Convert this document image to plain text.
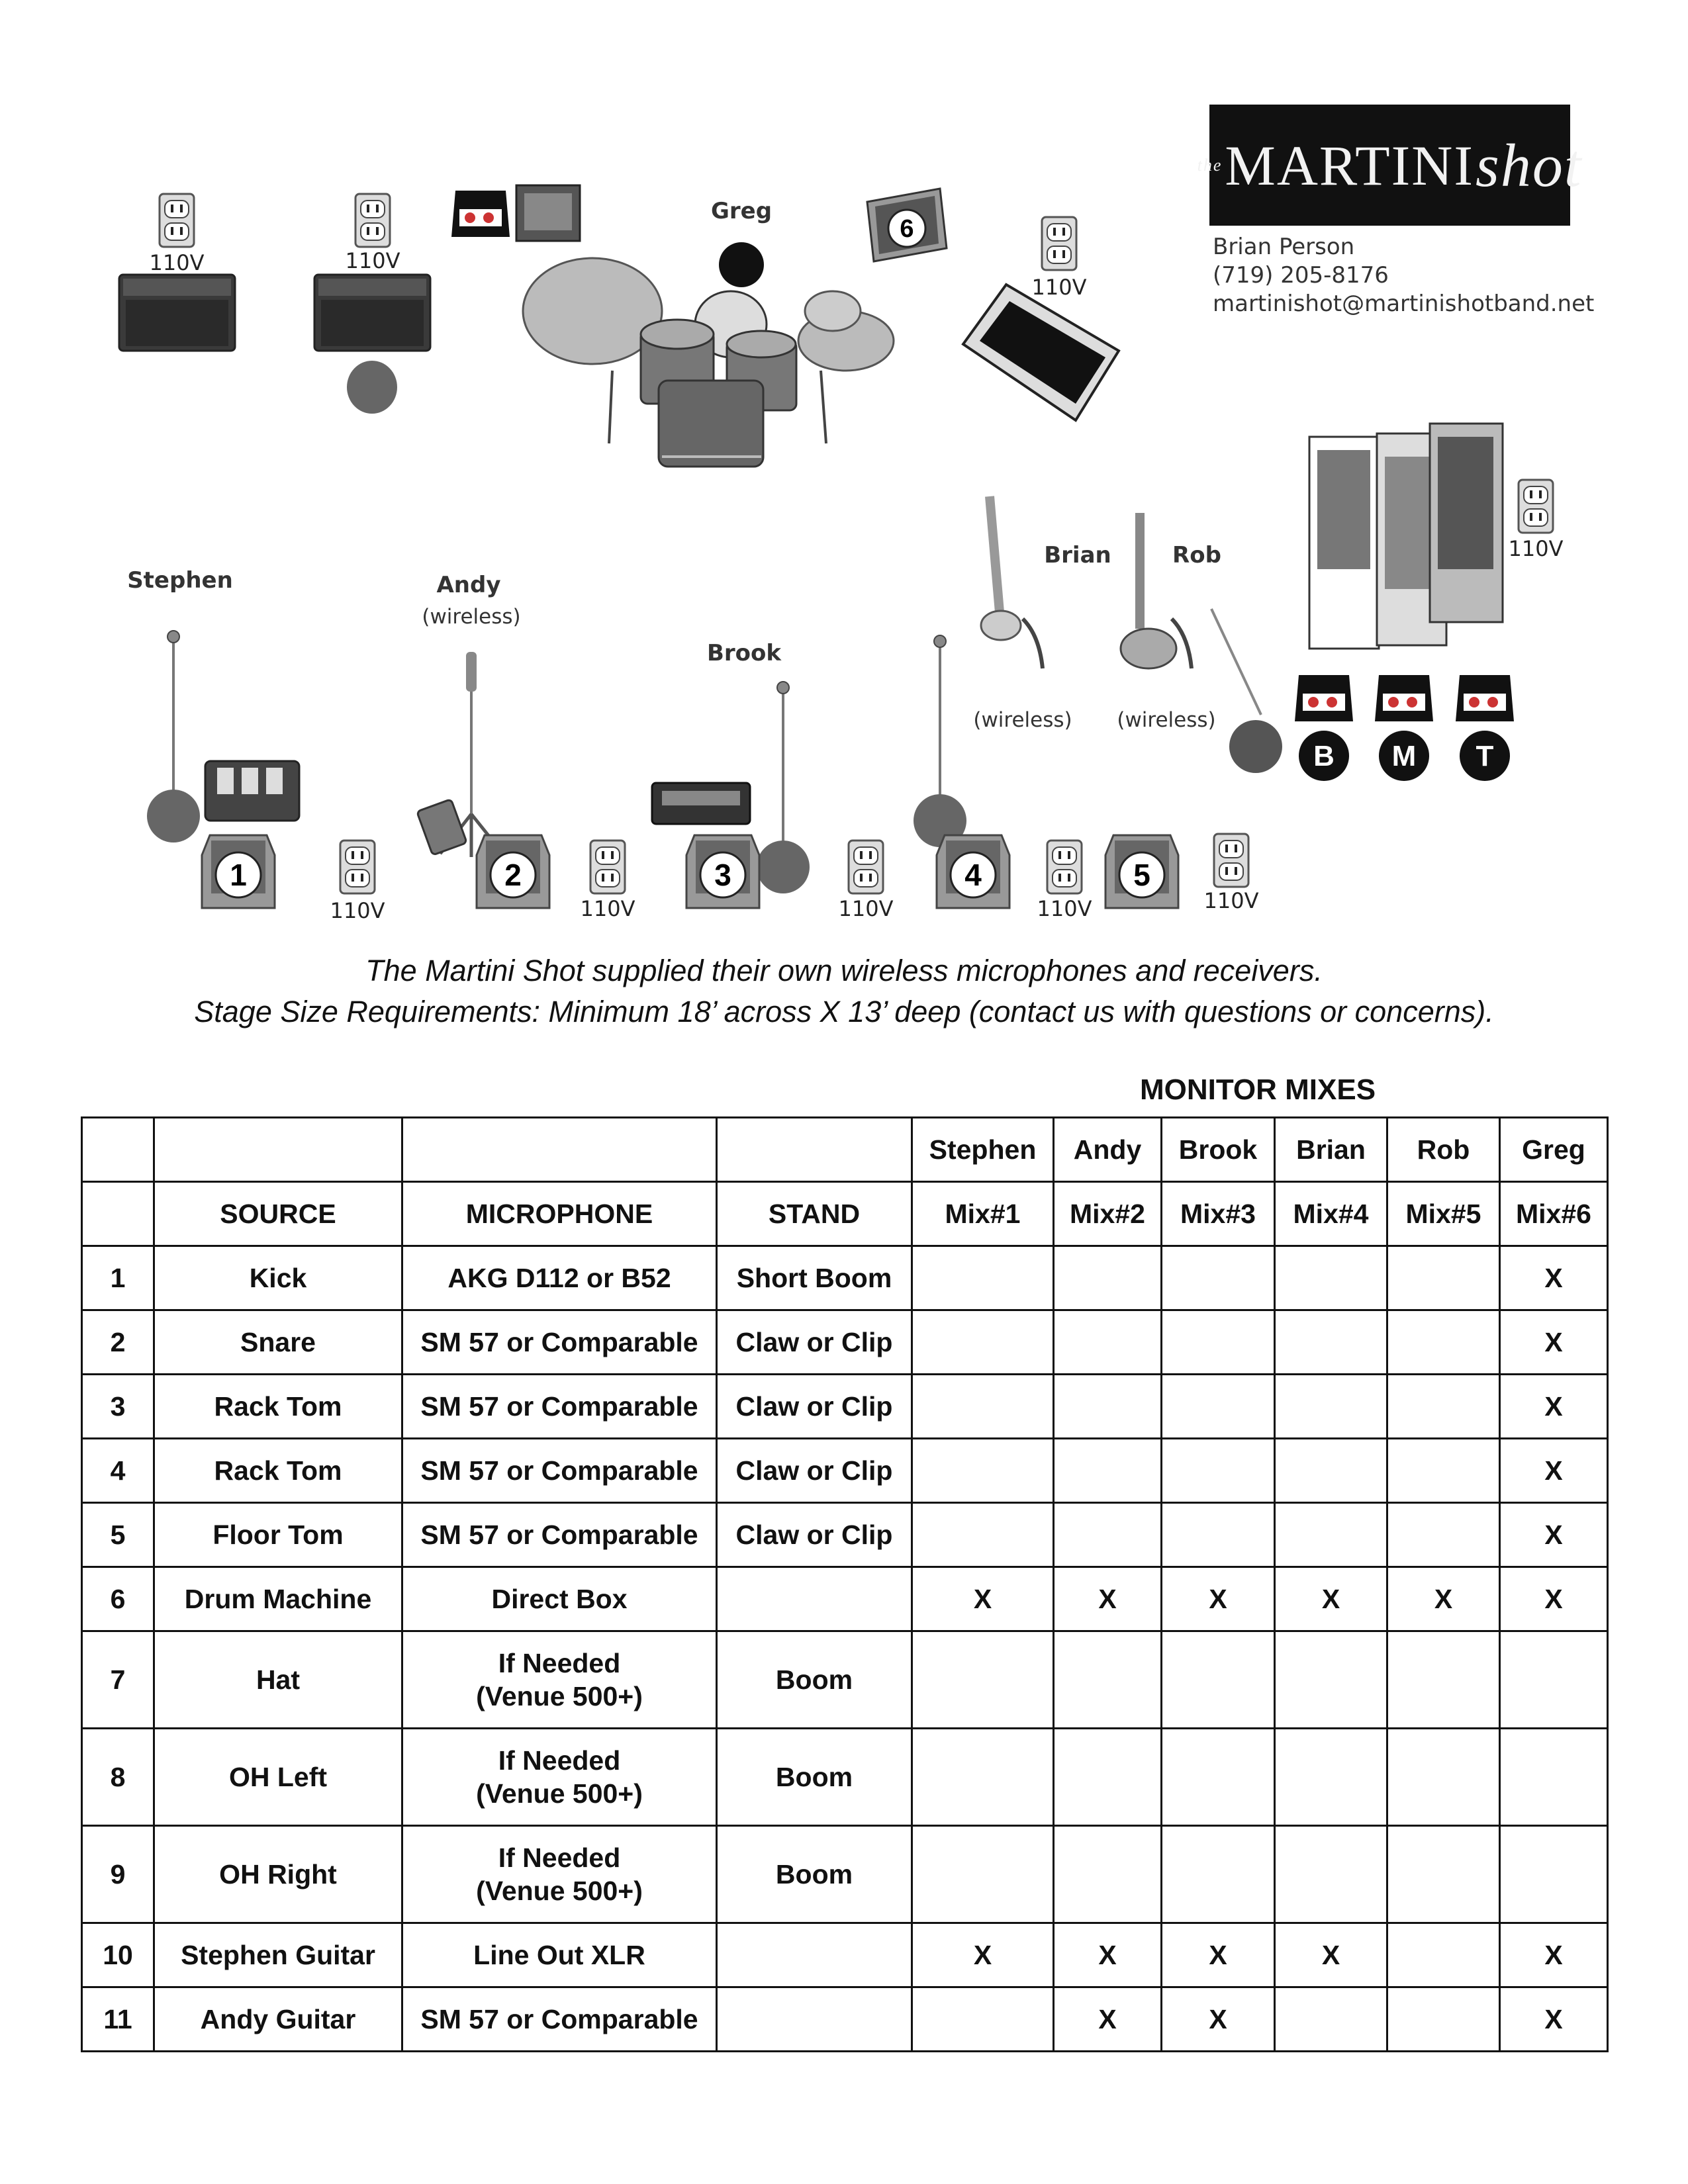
the MARTINI shot
Brian Person
(719) 205-8176
martinishot@martinishotband.net
6
B M T
1	2	3	4	5
110V	110V
110V
110V
110V	110V	110V	110V	110V
Stephen	Andy
Brook
Greg
Brian	Rob
(wireless)
(wireless) (wireless)
The Martini Shot supplied their own wireless microphones and receivers.
Stage Size Requirements: Minimum 18’ across X 13’ deep (contact us with questions or concerns).
MONITOR MIXES
				Stephen	Andy	Brook	Brian	Rob	Greg
	SOURCE	MICROPHONE	STAND	Mix#1	Mix#2	Mix#3	Mix#4	Mix#5	Mix#6
1	Kick	AKG D112 or B52	Short Boom						X
2	Snare	SM 57 or Comparable	Claw or Clip						X
3	Rack Tom	SM 57 or Comparable	Claw or Clip						X
4	Rack Tom	SM 57 or Comparable	Claw or Clip						X
5	Floor Tom	SM 57 or Comparable	Claw or Clip						X
6	Drum Machine	Direct Box		X	X	X	X	X	X
7	Hat	If Needed
(Venue 500+)	Boom						
8	OH Left	If Needed
(Venue 500+)	Boom						
9	OH Right	If Needed
(Venue 500+)	Boom						
10	Stephen Guitar	Line Out XLR		X	X	X	X		X
11	Andy Guitar	SM 57 or Comparable			X	X			X
